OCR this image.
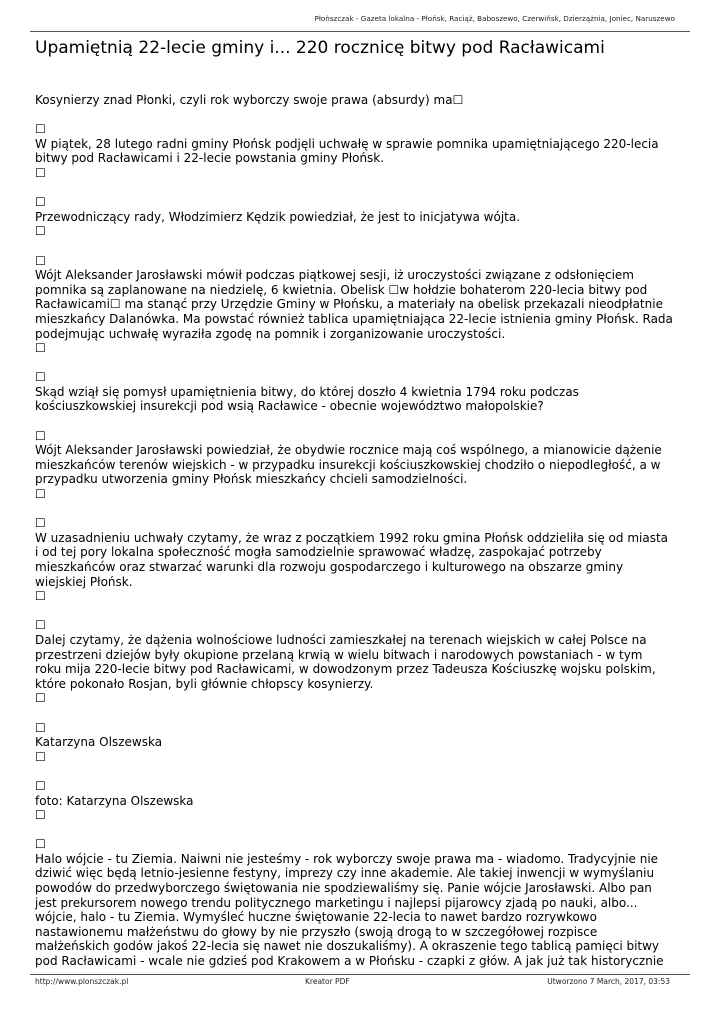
Płońszczak - Gazeta lokalna - Płońsk, Raciąż, Baboszewo, Czerwińsk, Dzierzążnia, Joniec, Naruszewo
Upamiętnią 22-lecie gminy i... 220 rocznicę bitwy pod Racławicami
Kosynierzy znad Płonki, czyli rok wyborczy swoje prawa (absurdy) ma☐
☐
W piątek, 28 lutego radni gminy Płońsk podjęli uchwałę w sprawie pomnika upamiętniającego 220-lecia
bitwy pod Racławicami i 22-lecie powstania gminy Płońsk.
☐
☐
Przewodniczący rady, Włodzimierz Kędzik powiedział, że jest to inicjatywa wójta.
☐
☐
Wójt Aleksander Jarosławski mówił podczas piątkowej sesji, iż uroczystości związane z odsłonięciem
pomnika są zaplanowane na niedzielę, 6 kwietnia. Obelisk ☐w hołdzie bohaterom 220-lecia bitwy pod
Racławicami☐ ma stanąć przy Urzędzie Gminy w Płońsku, a materiały na obelisk przekazali nieodpłatnie
mieszkańcy Dalanówka. Ma powstać również tablica upamiętniająca 22-lecie istnienia gminy Płońsk. Rada
podejmując uchwałę wyraziła zgodę na pomnik i zorganizowanie uroczystości.
☐
☐
Skąd wziął się pomysł upamiętnienia bitwy, do której doszło 4 kwietnia 1794 roku podczas
kościuszkowskiej insurekcji pod wsią Racławice - obecnie województwo małopolskie?
☐
Wójt Aleksander Jarosławski powiedział, że obydwie rocznice mają coś wspólnego, a mianowicie dążenie
mieszkańców terenów wiejskich - w przypadku insurekcji kościuszkowskiej chodziło o niepodległość, a w
przypadku utworzenia gminy Płońsk mieszkańcy chcieli samodzielności.
☐
☐
W uzasadnieniu uchwały czytamy, że wraz z początkiem 1992 roku gmina Płońsk oddzieliła się od miasta
i od tej pory lokalna społeczność mogła samodzielnie sprawować władzę, zaspokajać potrzeby
mieszkańców oraz stwarzać warunki dla rozwoju gospodarczego i kulturowego na obszarze gminy
wiejskiej Płońsk.
☐
☐
Dalej czytamy, że dążenia wolnościowe ludności zamieszkałej na terenach wiejskich w całej Polsce na
przestrzeni dziejów były okupione przelaną krwią w wielu bitwach i narodowych powstaniach - w tym
roku mija 220-lecie bitwy pod Racławicami, w dowodzonym przez Tadeusza Kościuszkę wojsku polskim,
które pokonało Rosjan, byli głównie chłopscy kosynierzy.
☐
☐
Katarzyna Olszewska
☐
☐
foto: Katarzyna Olszewska
☐
☐
Halo wójcie - tu Ziemia. Naiwni nie jesteśmy - rok wyborczy swoje prawa ma - wiadomo. Tradycyjnie nie
dziwić więc będą letnio-jesienne festyny, imprezy czy inne akademie. Ale takiej inwencji w wymyślaniu
powodów do przedwyborczego świętowania nie spodziewaliśmy się. Panie wójcie Jarosławski. Albo pan
jest prekursorem nowego trendu politycznego marketingu i najlepsi pijarowcy zjadą po nauki, albo...
wójcie, halo - tu Ziemia. Wymyśleć huczne świętowanie 22-lecia to nawet bardzo rozrywkowo
nastawionemu małżeństwu do głowy by nie przyszło (swoją drogą to w szczegółowej rozpisce
małżeńskich godów jakoś 22-lecia się nawet nie doszukaliśmy). A okraszenie tego tablicą pamięci bitwy
pod Racławicami - wcale nie gdzieś pod Krakowem a w Płońsku - czapki z głów. A jak już tak historycznie
http://www.plonszczak.pl	Kreator PDF	Utworzono 7 March, 2017, 03:53
